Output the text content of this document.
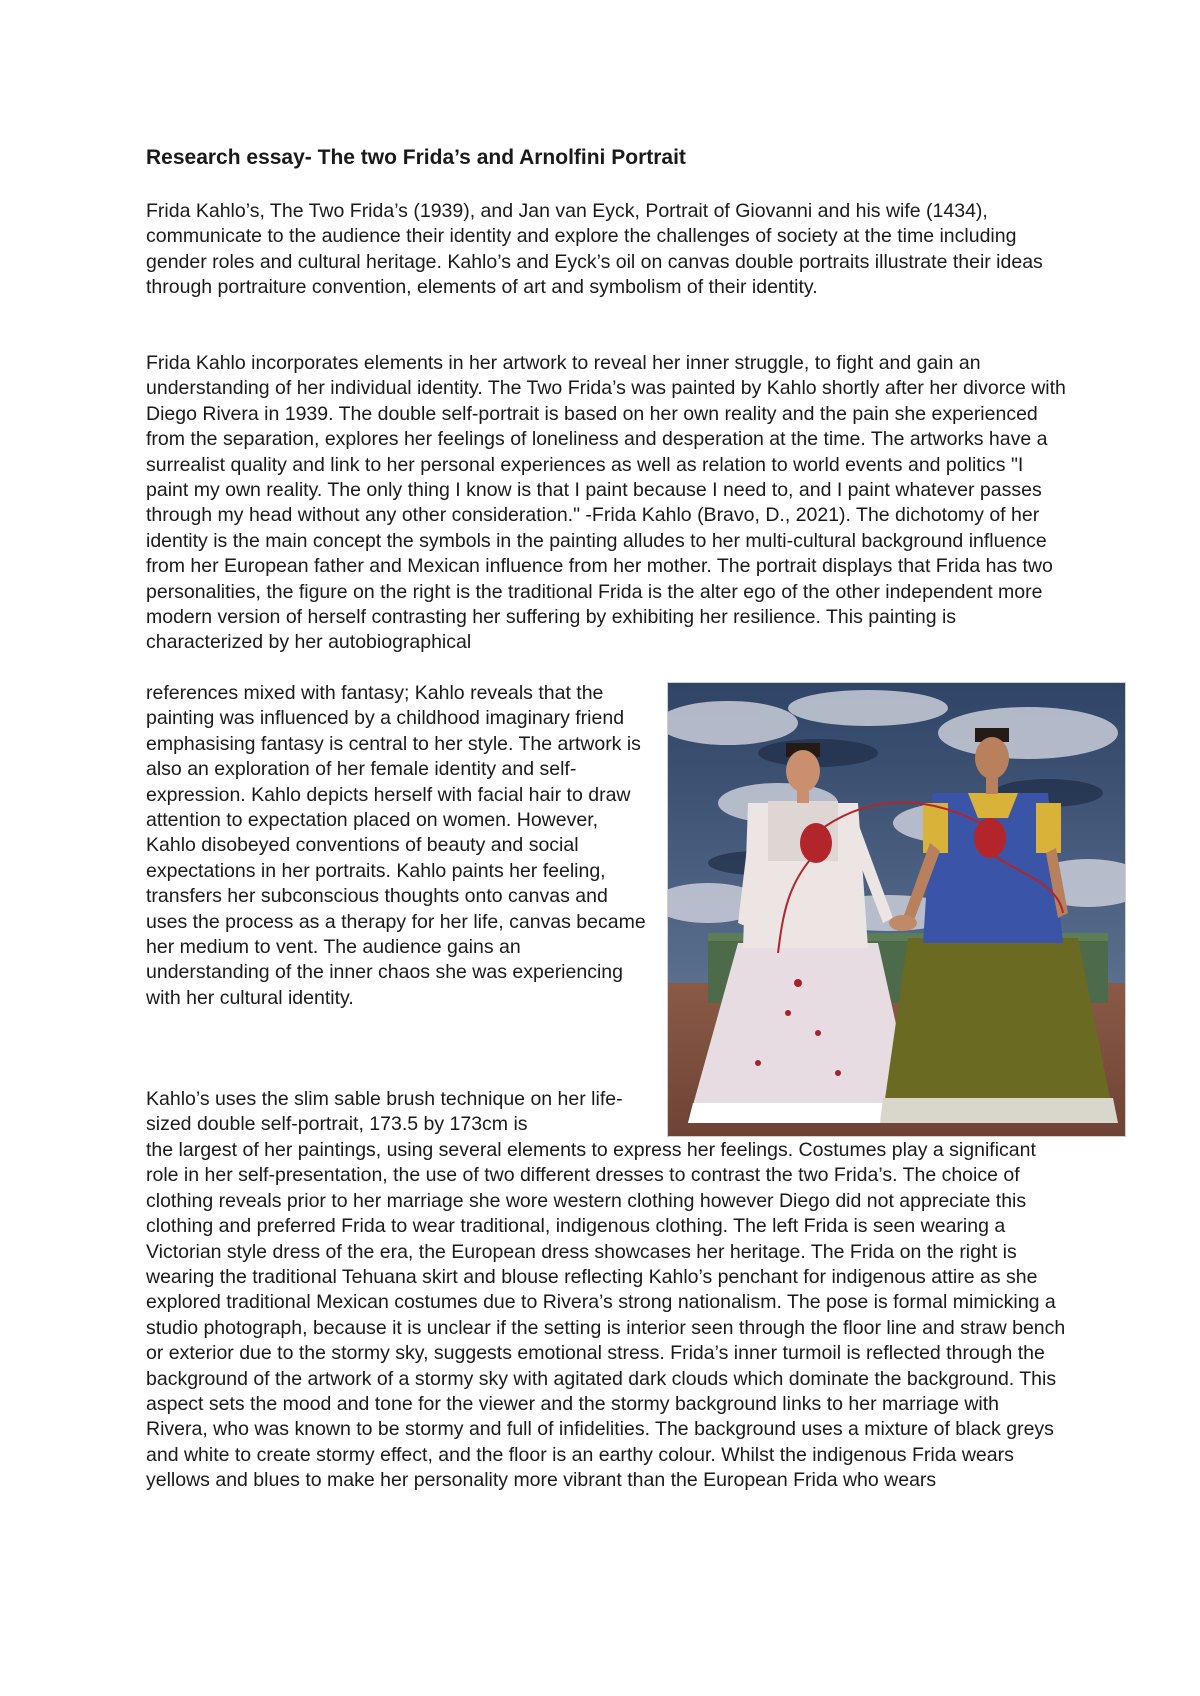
Research essay- The two Frida’s and Arnolfini Portrait

Frida Kahlo’s, The Two Frida’s (1939), and Jan van Eyck, Portrait of Giovanni and his wife (1434), communicate to the audience their identity and explore the challenges of society at the time including gender roles and cultural heritage. Kahlo’s and Eyck’s oil on canvas double portraits illustrate their ideas through portraiture convention, elements of art and symbolism of their identity.

Frida Kahlo incorporates elements in her artwork to reveal her inner struggle, to fight and gain an understanding of her individual identity. The Two Frida’s was painted by Kahlo shortly after her divorce with Diego Rivera in 1939. The double self-portrait is based on her own reality and the pain she experienced from the separation, explores her feelings of loneliness and desperation at the time. The artworks have a surrealist quality and link to her personal experiences as well as relation to world events and politics "I paint my own reality. The only thing I know is that I paint because I need to, and I paint whatever passes through my head without any other consideration." -Frida Kahlo (Bravo, D., 2021). The dichotomy of her identity is the main concept the symbols in the painting alludes to her multi-cultural background influence from her European father and Mexican influence from her mother. The portrait displays that Frida has two personalities, the figure on the right is the traditional Frida is the alter ego of the other independent more modern version of herself contrasting her suffering by exhibiting her resilience. This painting is characterized by her autobiographical

references mixed with fantasy; Kahlo reveals that the painting was influenced by a childhood imaginary friend emphasising fantasy is central to her style. The artwork is also an exploration of her female identity and self-expression. Kahlo depicts herself with facial hair to draw attention to expectation placed on women. However, Kahlo disobeyed conventions of beauty and social expectations in her portraits. Kahlo paints her feeling, transfers her subconscious thoughts onto canvas and uses the process as a therapy for her life, canvas became her medium to vent. The audience gains an understanding of the inner chaos she was experiencing with her cultural identity.

Kahlo’s uses the slim sable brush technique on her life-sized double self-portrait, 173.5 by 173cm is

the largest of her paintings, using several elements to express her feelings. Costumes play a significant role in her self-presentation, the use of two different dresses to contrast the two Frida’s. The choice of clothing reveals prior to her marriage she wore western clothing however Diego did not appreciate this clothing and preferred Frida to wear traditional, indigenous clothing. The left Frida is seen wearing a Victorian style dress of the era, the European dress showcases her heritage. The Frida on the right is wearing the traditional Tehuana skirt and blouse reflecting Kahlo’s penchant for indigenous attire as she explored traditional Mexican costumes due to Rivera’s strong nationalism. The pose is formal mimicking a studio photograph, because it is unclear if the setting is interior seen through the floor line and straw bench or exterior due to the stormy sky, suggests emotional stress. Frida’s inner turmoil is reflected through the background of the artwork of a stormy sky with agitated dark clouds which dominate the background. This aspect sets the mood and tone for the viewer and the stormy background links to her marriage with Rivera, who was known to be stormy and full of infidelities. The background uses a mixture of black greys and white to create stormy effect, and the floor is an earthy colour. Whilst the indigenous Frida wears yellows and blues to make her personality more vibrant than the European Frida who wears
